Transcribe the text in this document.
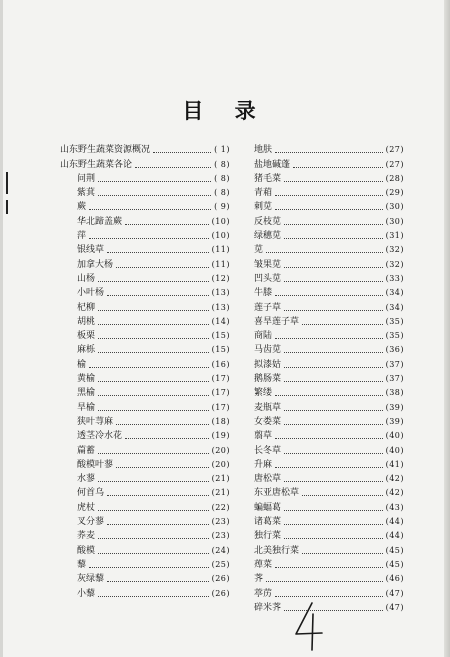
目 录
山东野生蔬菜资源概况	( 1)
山东野生蔬菜各论	( 8)
问荆	( 8)
紫萁	( 8)
蕨	( 9)
华北蹄盖蕨	(10)
萍	(10)
银线草	(11)
加拿大杨	(11)
山杨	(12)
小叶杨	(13)
杞柳	(13)
胡桃	(14)
板栗	(15)
麻栎	(15)
榆	(16)
黄榆	(17)
黑榆	(17)
旱榆	(17)
狭叶荨麻	(18)
透茎冷水花	(19)
萹蓄	(20)
酸模叶蓼	(20)
水蓼	(21)
何首乌	(21)
虎杖	(22)
叉分蓼	(23)
荞麦	(23)
酸模	(24)
藜	(25)
灰绿藜	(26)
小藜	(26)
地肤	(27)
盐地碱蓬	(27)
猪毛菜	(28)
青葙	(29)
刺苋	(30)
反枝苋	(30)
绿穗苋	(31)
苋	(32)
皱果苋	(32)
凹头苋	(33)
牛膝	(34)
莲子草	(34)
喜旱莲子草	(35)
商陆	(35)
马齿苋	(36)
拟漆姑	(37)
鹅肠菜	(37)
繁缕	(38)
麦瓶草	(39)
女娄菜	(39)
翦草	(40)
长冬草	(40)
升麻	(41)
唐松草	(42)
东亚唐松草	(42)
蝙蝠葛	(43)
诸葛菜	(44)
独行菜	(44)
北美独行菜	(45)
蔊菜	(45)
荠	(46)
葶苈	(47)
碎米荠	(47)
